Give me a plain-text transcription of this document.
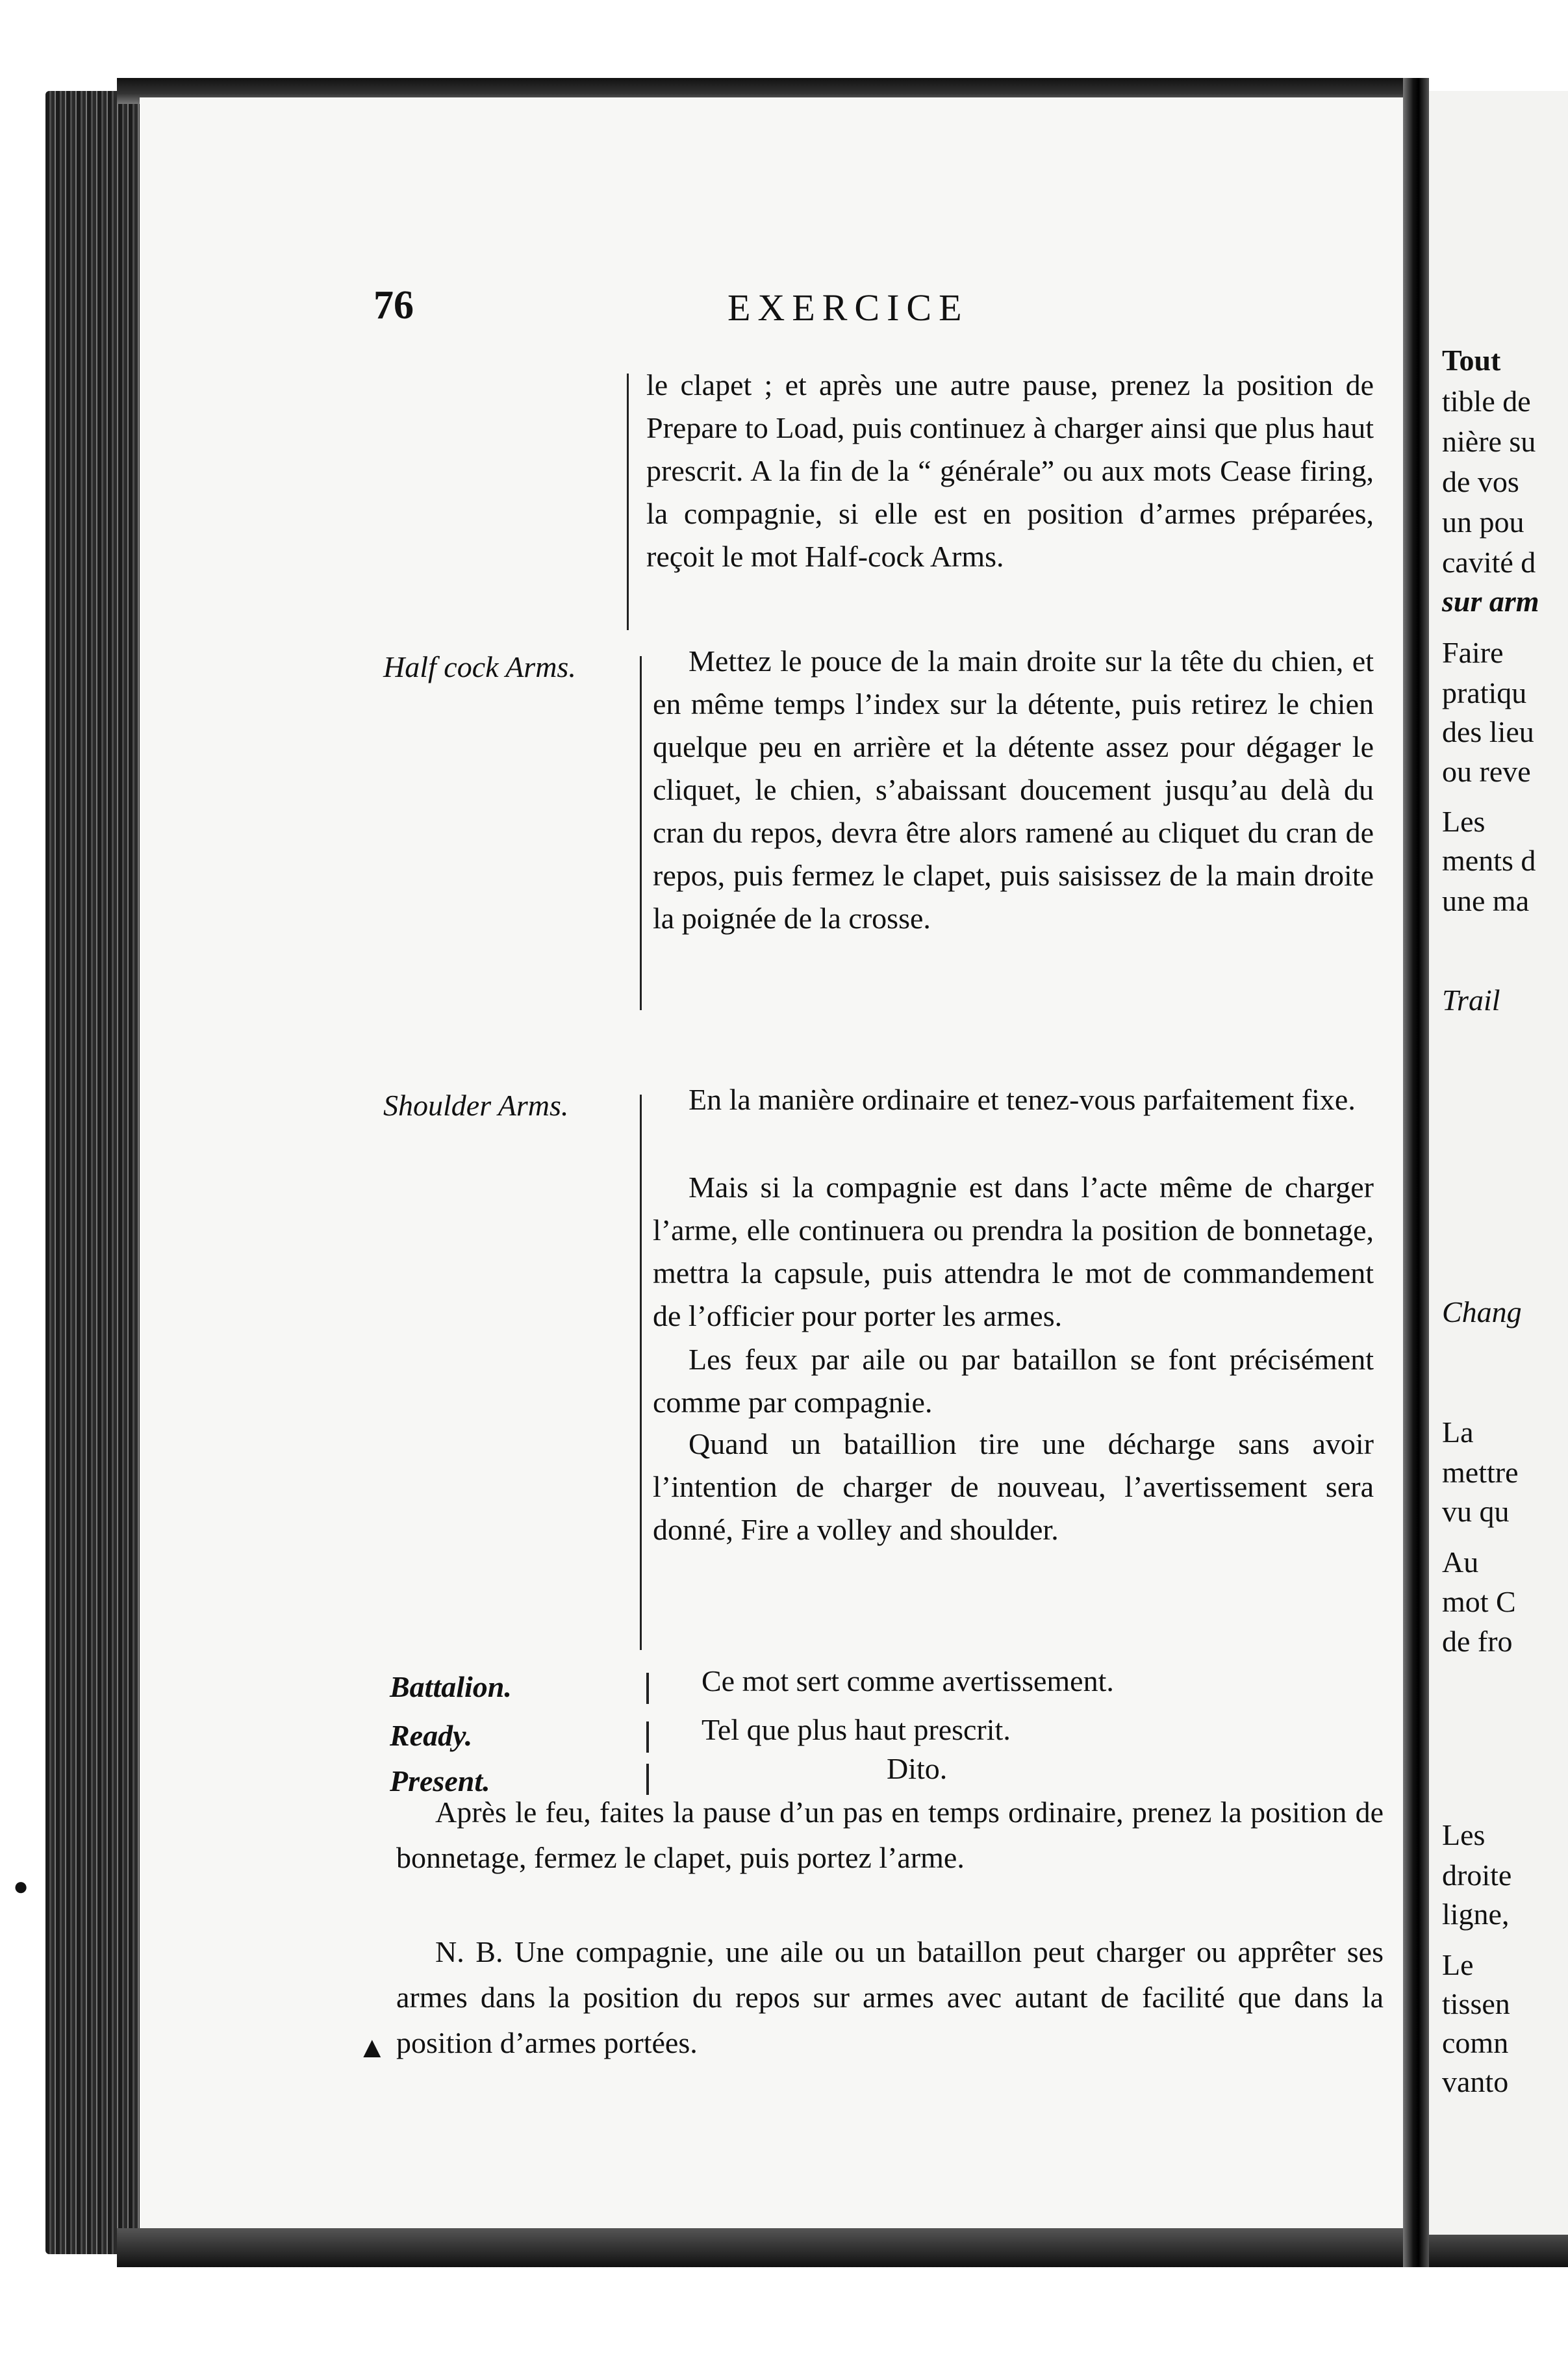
76	EXERCICE
le clapet ; et après une autre pause, prenez la position de Prepare to Load, puis continuez à charger ainsi que plus haut prescrit. A la fin de la “ générale” ou aux mots Cease firing, la compagnie, si elle est en position d’armes préparées, reçoit le mot Half-cock Arms.
Half cock Arms.	Mettez le pouce de la main droite sur la tête du chien, et en même temps l’index sur la détente, puis retirez le chien quelque peu en arrière et la détente assez pour dégager le cliquet, le chien, s’abaissant doucement jusqu’au delà du cran du repos, devra être alors ramené au cliquet du cran de repos, puis fermez le clapet, puis saisissez de la main droite la poignée de la crosse.
Shoulder Arms.	En la manière ordinaire et tenez-vous parfaitement fixe.
Mais si la compagnie est dans l’acte même de charger l’arme, elle continuera ou prendra la position de bonnetage, mettra la capsule, puis attendra le mot de commandement de l’officier pour porter les armes.
Les feux par aile ou par bataillon se font précisément comme par compagnie.
Quand un bataillion tire une décharge sans avoir l’intention de charger de nouveau, l’avertissement sera donné, Fire a volley and shoulder.
Battalion.	Ce mot sert comme avertissement.
Ready.	Tel que plus haut prescrit.
Present.	Dito.
Après le feu, faites la pause d’un pas en temps ordinaire, prenez la position de bonnetage, fermez le clapet, puis portez l’arme.
N. B. Une compagnie, une aile ou un bataillon peut charger ou apprêter ses armes dans la position du repos sur armes avec autant de facilité que dans la position d’armes portées.
▲
●
Tout
tible de
nière su
de vos
un pou
cavité d
sur arm
Faire
pratiqu
des lieu
ou reve
Les
ments d
une ma
Trail
Chang
La
mettre
vu qu
Au
mot C
de fro
Les
droite
ligne,
Le
tissen
comn
vanto
